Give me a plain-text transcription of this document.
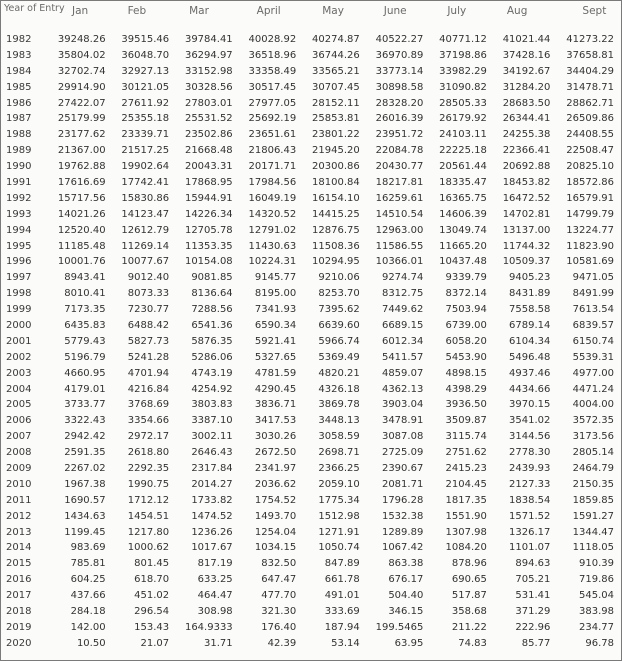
Year of Entry	Jan	Feb	Mar	April	May	June	July	Aug	Sept
1982	39248.26	39515.46	39784.41	40028.92	40274.87	40522.27	40771.12	41021.44	41273.22
1983	35804.02	36048.70	36294.97	36518.96	36744.26	36970.89	37198.86	37428.16	37658.81
1984	32702.74	32927.13	33152.98	33358.49	33565.21	33773.14	33982.29	34192.67	34404.29
1985	29914.90	30121.05	30328.56	30517.45	30707.45	30898.58	31090.82	31284.20	31478.71
1986	27422.07	27611.92	27803.01	27977.05	28152.11	28328.20	28505.33	28683.50	28862.71
1987	25179.99	25355.18	25531.52	25692.19	25853.81	26016.39	26179.92	26344.41	26509.86
1988	23177.62	23339.71	23502.86	23651.61	23801.22	23951.72	24103.11	24255.38	24408.55
1989	21367.00	21517.25	21668.48	21806.43	21945.20	22084.78	22225.18	22366.41	22508.47
1990	19762.88	19902.64	20043.31	20171.71	20300.86	20430.77	20561.44	20692.88	20825.10
1991	17616.69	17742.41	17868.95	17984.56	18100.84	18217.81	18335.47	18453.82	18572.86
1992	15717.56	15830.86	15944.91	16049.19	16154.10	16259.61	16365.75	16472.52	16579.91
1993	14021.26	14123.47	14226.34	14320.52	14415.25	14510.54	14606.39	14702.81	14799.79
1994	12520.40	12612.79	12705.78	12791.02	12876.75	12963.00	13049.74	13137.00	13224.77
1995	11185.48	11269.14	11353.35	11430.63	11508.36	11586.55	11665.20	11744.32	11823.90
1996	10001.76	10077.67	10154.08	10224.31	10294.95	10366.01	10437.48	10509.37	10581.69
1997	8943.41	9012.40	9081.85	9145.77	9210.06	9274.74	9339.79	9405.23	9471.05
1998	8010.41	8073.33	8136.64	8195.00	8253.70	8312.75	8372.14	8431.89	8491.99
1999	7173.35	7230.77	7288.56	7341.93	7395.62	7449.62	7503.94	7558.58	7613.54
2000	6435.83	6488.42	6541.36	6590.34	6639.60	6689.15	6739.00	6789.14	6839.57
2001	5779.43	5827.73	5876.35	5921.41	5966.74	6012.34	6058.20	6104.34	6150.74
2002	5196.79	5241.28	5286.06	5327.65	5369.49	5411.57	5453.90	5496.48	5539.31
2003	4660.95	4701.94	4743.19	4781.59	4820.21	4859.07	4898.15	4937.46	4977.00
2004	4179.01	4216.84	4254.92	4290.45	4326.18	4362.13	4398.29	4434.66	4471.24
2005	3733.77	3768.69	3803.83	3836.71	3869.78	3903.04	3936.50	3970.15	4004.00
2006	3322.43	3354.66	3387.10	3417.53	3448.13	3478.91	3509.87	3541.02	3572.35
2007	2942.42	2972.17	3002.11	3030.26	3058.59	3087.08	3115.74	3144.56	3173.56
2008	2591.35	2618.80	2646.43	2672.50	2698.71	2725.09	2751.62	2778.30	2805.14
2009	2267.02	2292.35	2317.84	2341.97	2366.25	2390.67	2415.23	2439.93	2464.79
2010	1967.38	1990.75	2014.27	2036.62	2059.10	2081.71	2104.45	2127.33	2150.35
2011	1690.57	1712.12	1733.82	1754.52	1775.34	1796.28	1817.35	1838.54	1859.85
2012	1434.63	1454.51	1474.52	1493.70	1512.98	1532.38	1551.90	1571.52	1591.27
2013	1199.45	1217.80	1236.26	1254.04	1271.91	1289.89	1307.98	1326.17	1344.47
2014	983.69	1000.62	1017.67	1034.15	1050.74	1067.42	1084.20	1101.07	1118.05
2015	785.81	801.45	817.19	832.50	847.89	863.38	878.96	894.63	910.39
2016	604.25	618.70	633.25	647.47	661.78	676.17	690.65	705.21	719.86
2017	437.66	451.02	464.47	477.70	491.01	504.40	517.87	531.41	545.04
2018	284.18	296.54	308.98	321.30	333.69	346.15	358.68	371.29	383.98
2019	142.00	153.43	164.9333	176.40	187.94	199.5465	211.22	222.96	234.77
2020	10.50	21.07	31.71	42.39	53.14	63.95	74.83	85.77	96.78
